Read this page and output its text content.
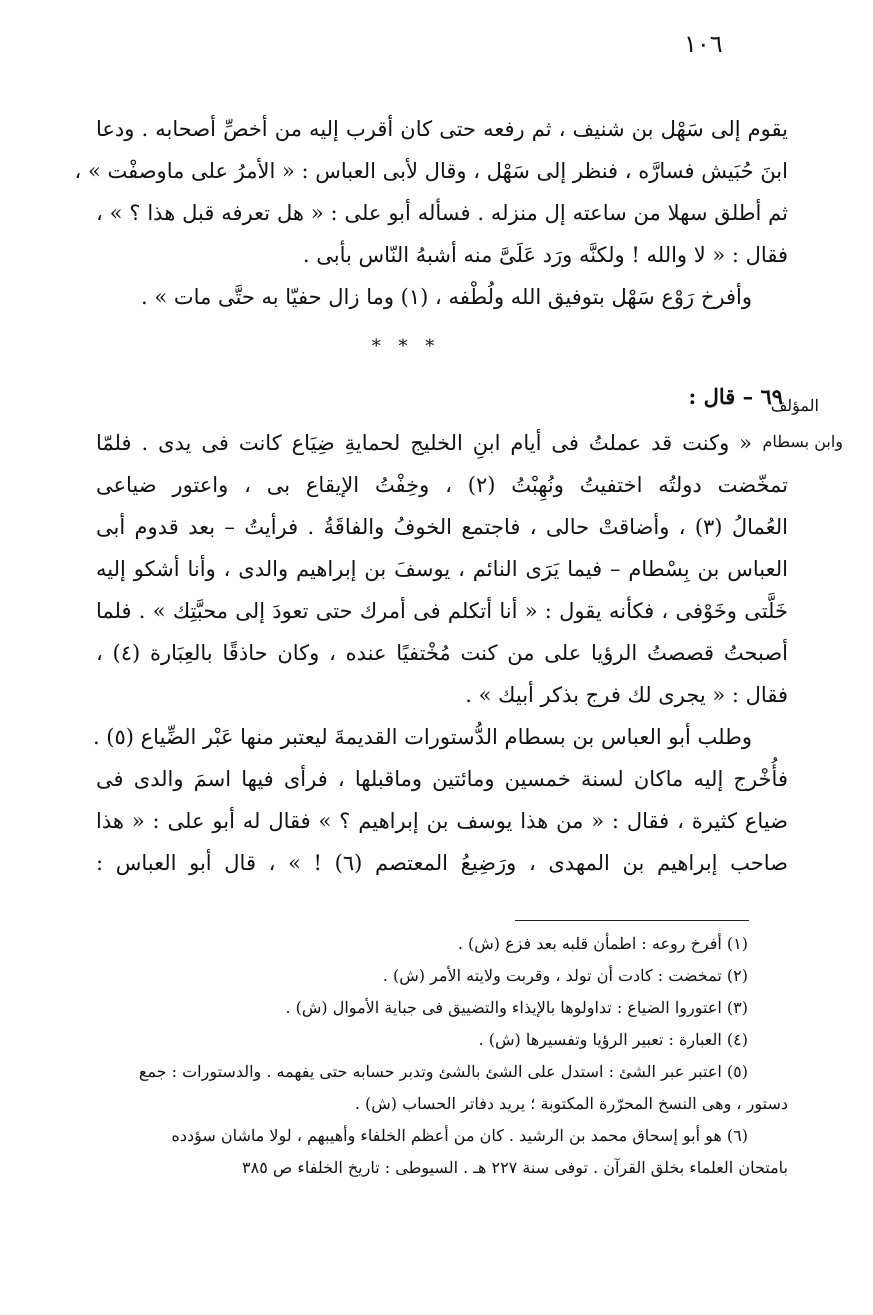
١٠٦
يقوم إلى سَهْل بن شنيف ، ثم رفعه حتى كان أقرب إليه من أخصِّ أصحابه . ودعا
ابنَ حُبَيش فسارَّه ، فنظر إلى سَهْل ، وقال لأبى العباس : « الأمرُ على ماوصفْت » ،
ثم أطلق سهلا من ساعته إل منزله . فسأله أبو على : « هل تعرفه قبل هذا ؟ » ،
فقال : « لا والله ! ولكنَّه ورَد عَلَىَّ منه أشبهُ النّاس بأبى .
وأفرخ رَوْع سَهْل بتوفيق الله ولُطْفه ، (١) وما زال حفيّا به حتَّى مات » .
* * *
المؤلف
وابن بسطام
٦٩ – قال :
« وكنت قد عملتُ فى أيام ابنِ الخليج لحمايةِ ضِيَاع كانت فى يدى . فلمّا
تمخّضت دولتُه اختفيتُ ونُهِبْتُ (٢) ، وخِفْتُ الإيقاع بى ، واعتور ضياعى
العُمالُ (٣) ، وأضاقتْ حالى ، فاجتمع الخوفُ والفاقَةُ . فرأيتُ – بعد قدوم أبى
العباس بن بِسْطام – فيما يَرَى النائم ، يوسفَ بن إبراهيم والدى ، وأنا أشكو إليه
خَلَّتى وخَوْفى ، فكأنه يقول : « أنا أتكلم فى أمرك حتى تعودَ إلى محبَّتِك » . فلما
أصبحتُ قصصتُ الرؤيا على من كنت مُخْتفيًا عنده ، وكان حاذقًا بالعِبَارة (٤) ،
فقال : « يجرى لك فرج بذكر أبيك » .
وطلب أبو العباس بن بسطام الدُّستورات القديمةَ ليعتبر منها عَبْر الضِّياع (٥) .
فأُخْرج إليه ماكان لسنة خمسين ومائتين وماقبلها ، فرأى فيها اسمَ والدى فى
ضياع كثيرة ، فقال : « من هذا يوسف بن إبراهيم ؟ » فقال له أبو على : « هذا
صاحب إبراهيم بن المهدى ، ورَضِيعُ المعتصم (٦) ! » ، قال أبو العباس :
(١) أفرخ روعه : اطمأن قلبه بعد فزع (ش) .
(٢) تمخضت : كادت أن تولد ، وقربت ولايته الأمر (ش) .
(٣) اعتوروا الضياع : تداولوها بالإيذاء والتضييق فى جباية الأموال (ش) .
(٤) العبارة : تعبير الرؤيا وتفسيرها (ش) .
(٥) اعتبر عبر الشئ : استدل على الشئ بالشئ وتدبر حسابه حتى يفهمه . والدستورات : جمع
دستور ، وهى النسخ المحرّرة المكتوبة ؛ يريد دفاتر الحساب (ش) .
(٦) هو أبو إسحاق محمد بن الرشيد . كان من أعظم الخلفاء وأهيبهم ، لولا ماشان سؤدده
بامتحان العلماء بخلق القرآن . توفى سنة ٢٢٧ هـ . السيوطى : تاريخ الخلفاء ص ٣٨٥
